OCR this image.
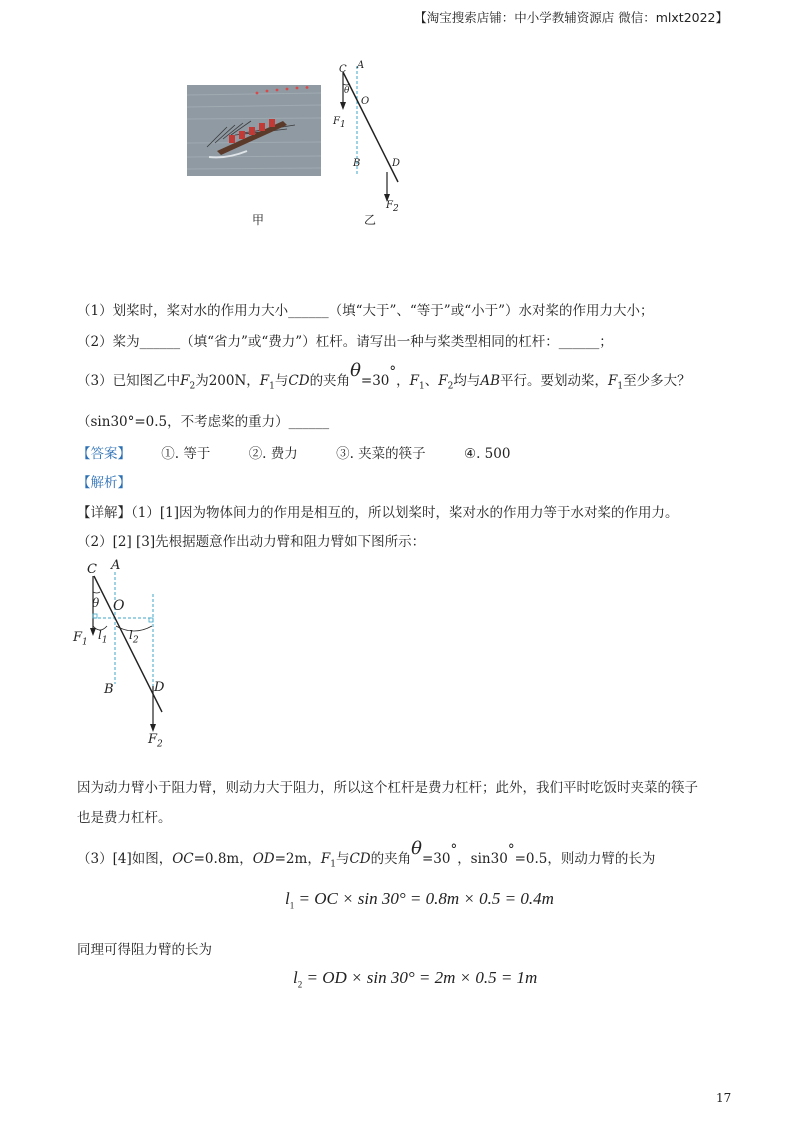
【淘宝搜索店铺：中小学教辅资源店 微信：mlxt2022】
C A
θ
O
$F_1$
B	D
$F_2$
甲	乙
（1）划桨时，桨对水的作用力大小______（填“大于”、“等于”或“小于”）水对桨的作用力大小；
（2）桨为______（填“省力”或“费力”）杠杆。请写出一种与桨类型相同的杠杆：______；
（3）已知图乙中$F_2$为200N，$F_1$与CD的夹角θ=30°，$F_1$、$F_2$均与AB平行。要划动桨，$F_1$至少多大？
（sin30°=0.5，不考虑桨的重力）______
【答案】 ①. 等于	②. 费力	③. 夹菜的筷子	④. 500
【解析】
【详解】（1）[1]因为物体间力的作用是相互的，所以划桨时，桨对水的作用力等于水对桨的作用力。
（2）[2] [3]先根据题意作出动力臂和阻力臂如下图所示：
C A
θ O
$F_1$
$l_1$ $l_2$
B	D
$F_2$
因为动力臂小于阻力臂，则动力大于阻力，所以这个杠杆是费力杠杆；此外，我们平时吃饭时夹菜的筷子
也是费力杠杆。
（3）[4]如图，OC=0.8m，OD=2m，$F_1$与CD的夹角θ=30°，sin30°=0.5，则动力臂的长为
$l_1$ = OC × sin 30° = 0.8m × 0.5 = 0.4m
同理可得阻力臂的长为
$l_2$ = OD × sin 30° = 2m × 0.5 = 1m
17
